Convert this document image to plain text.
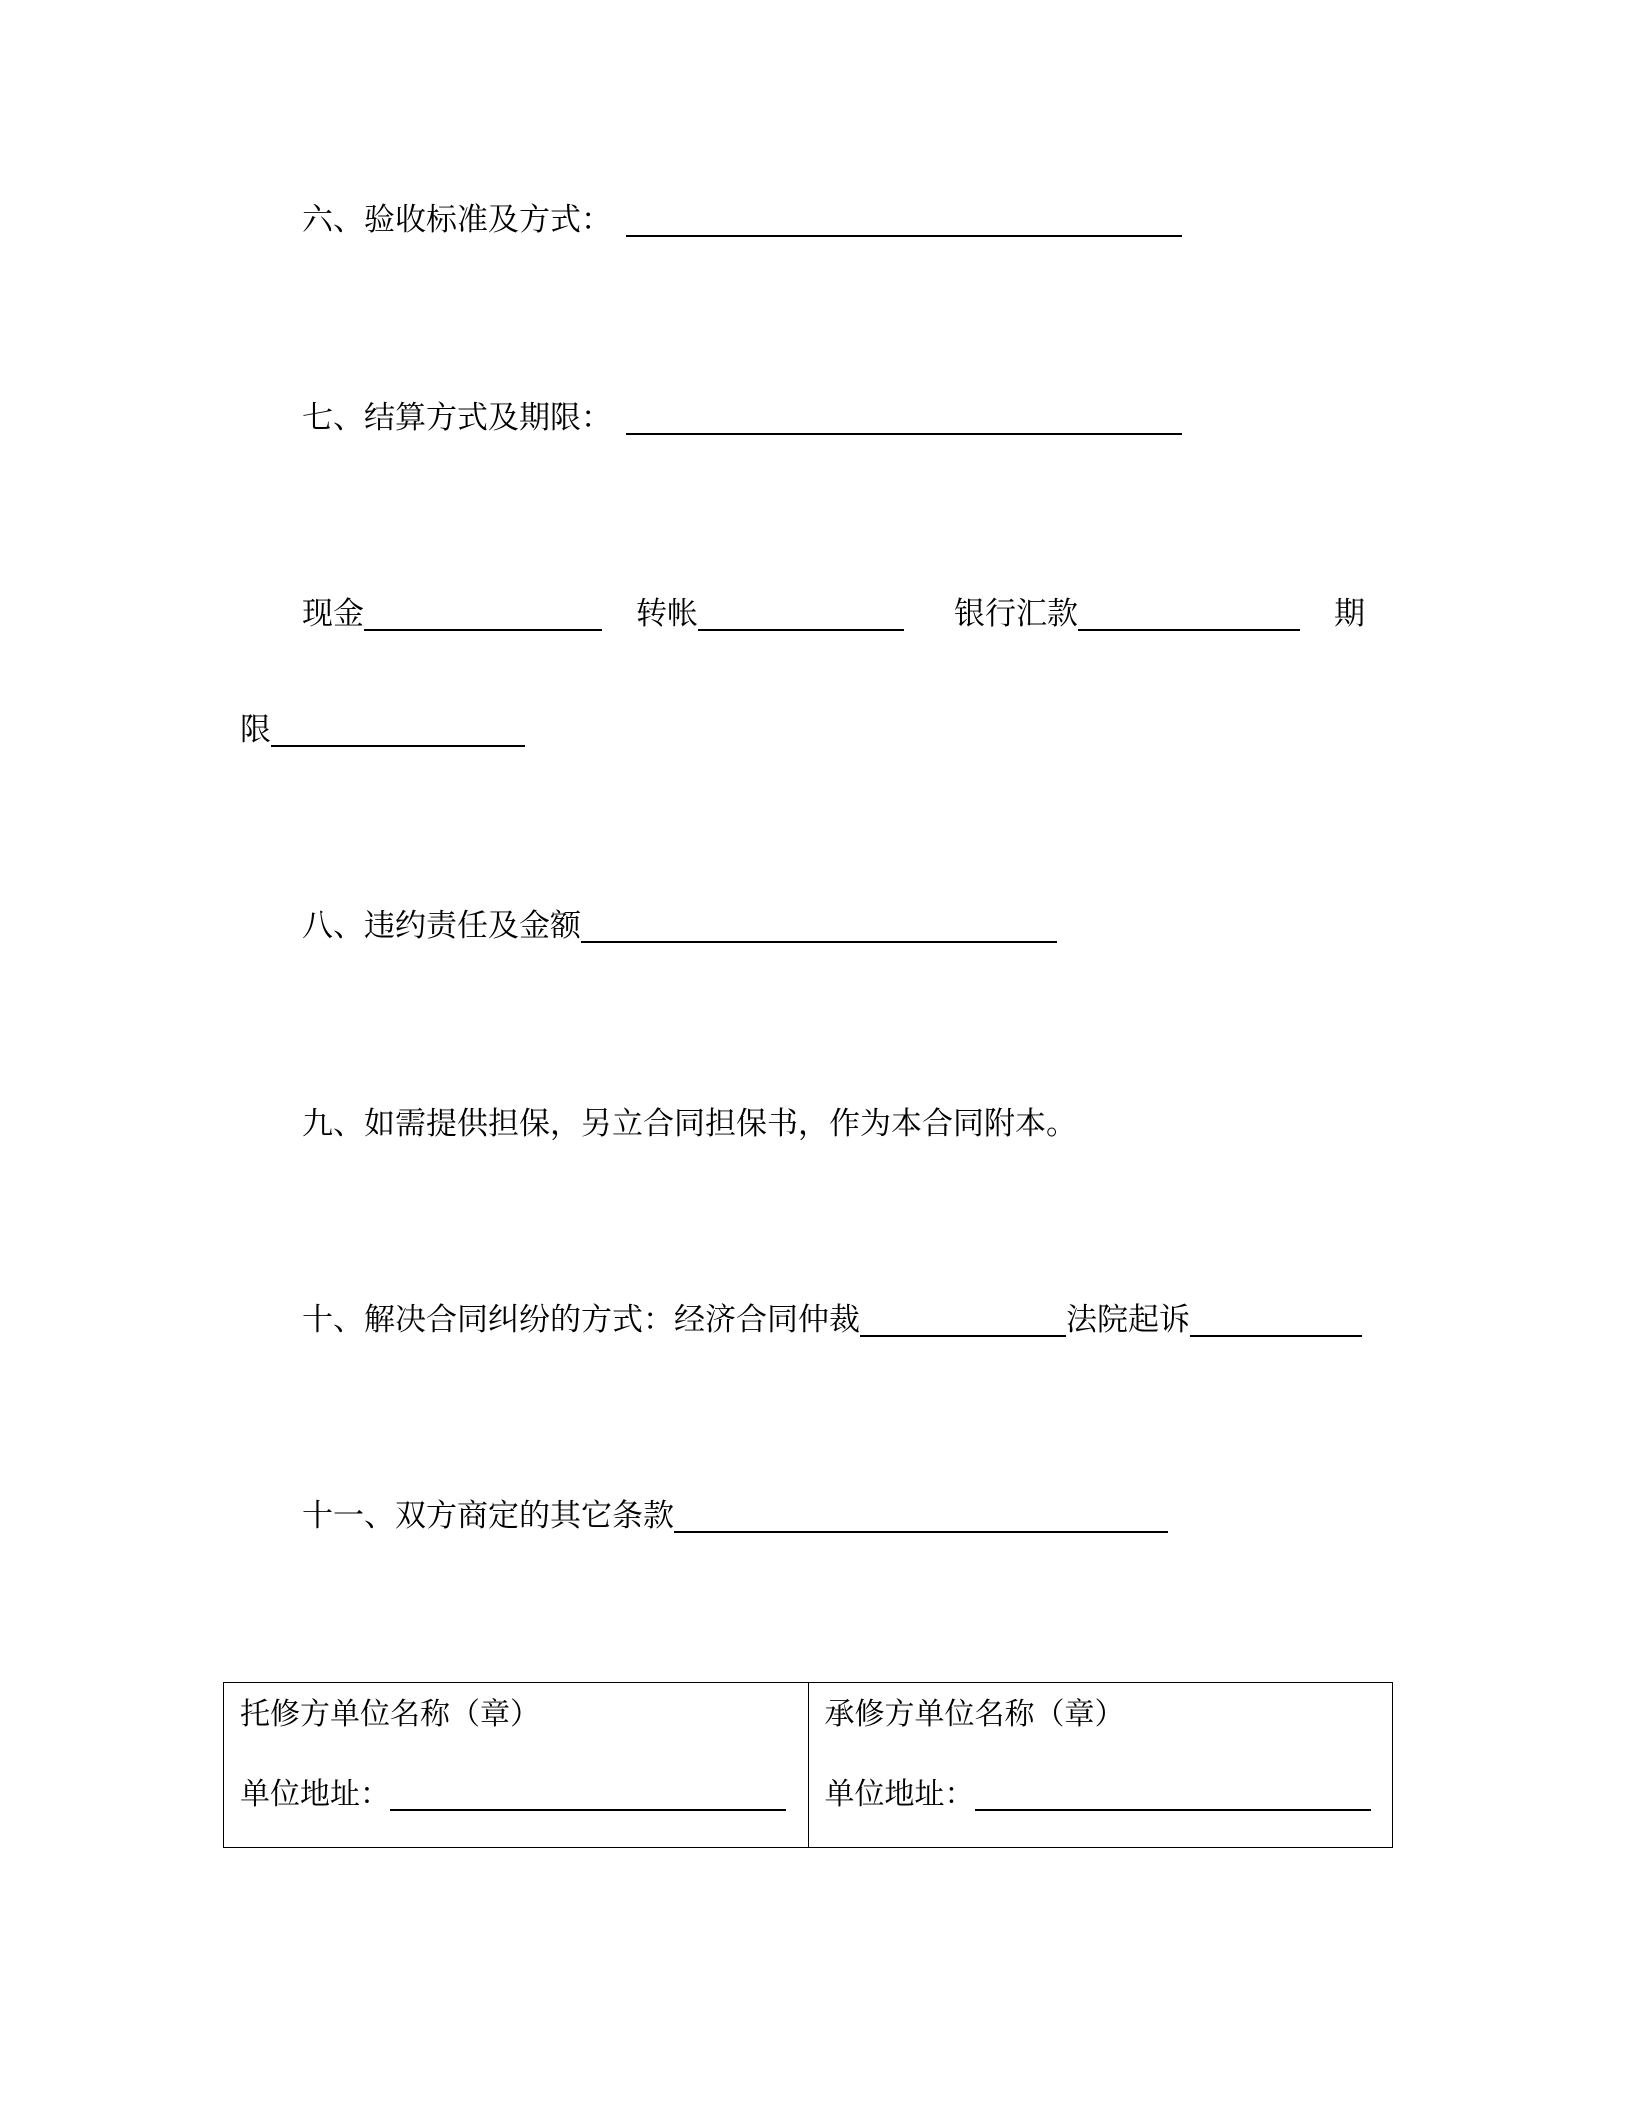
六、验收标准及方式：
七、结算方式及期限：
现金	转帐	银行汇款	期
限
八、违约责任及金额
九、如需提供担保，另立合同担保书，作为本合同附本。
十、解决合同纠纷的方式：经济合同仲裁	法院起诉
十一、双方商定的其它条款
托修方单位名称（章）
单位地址：
承修方单位名称（章）
单位地址：
